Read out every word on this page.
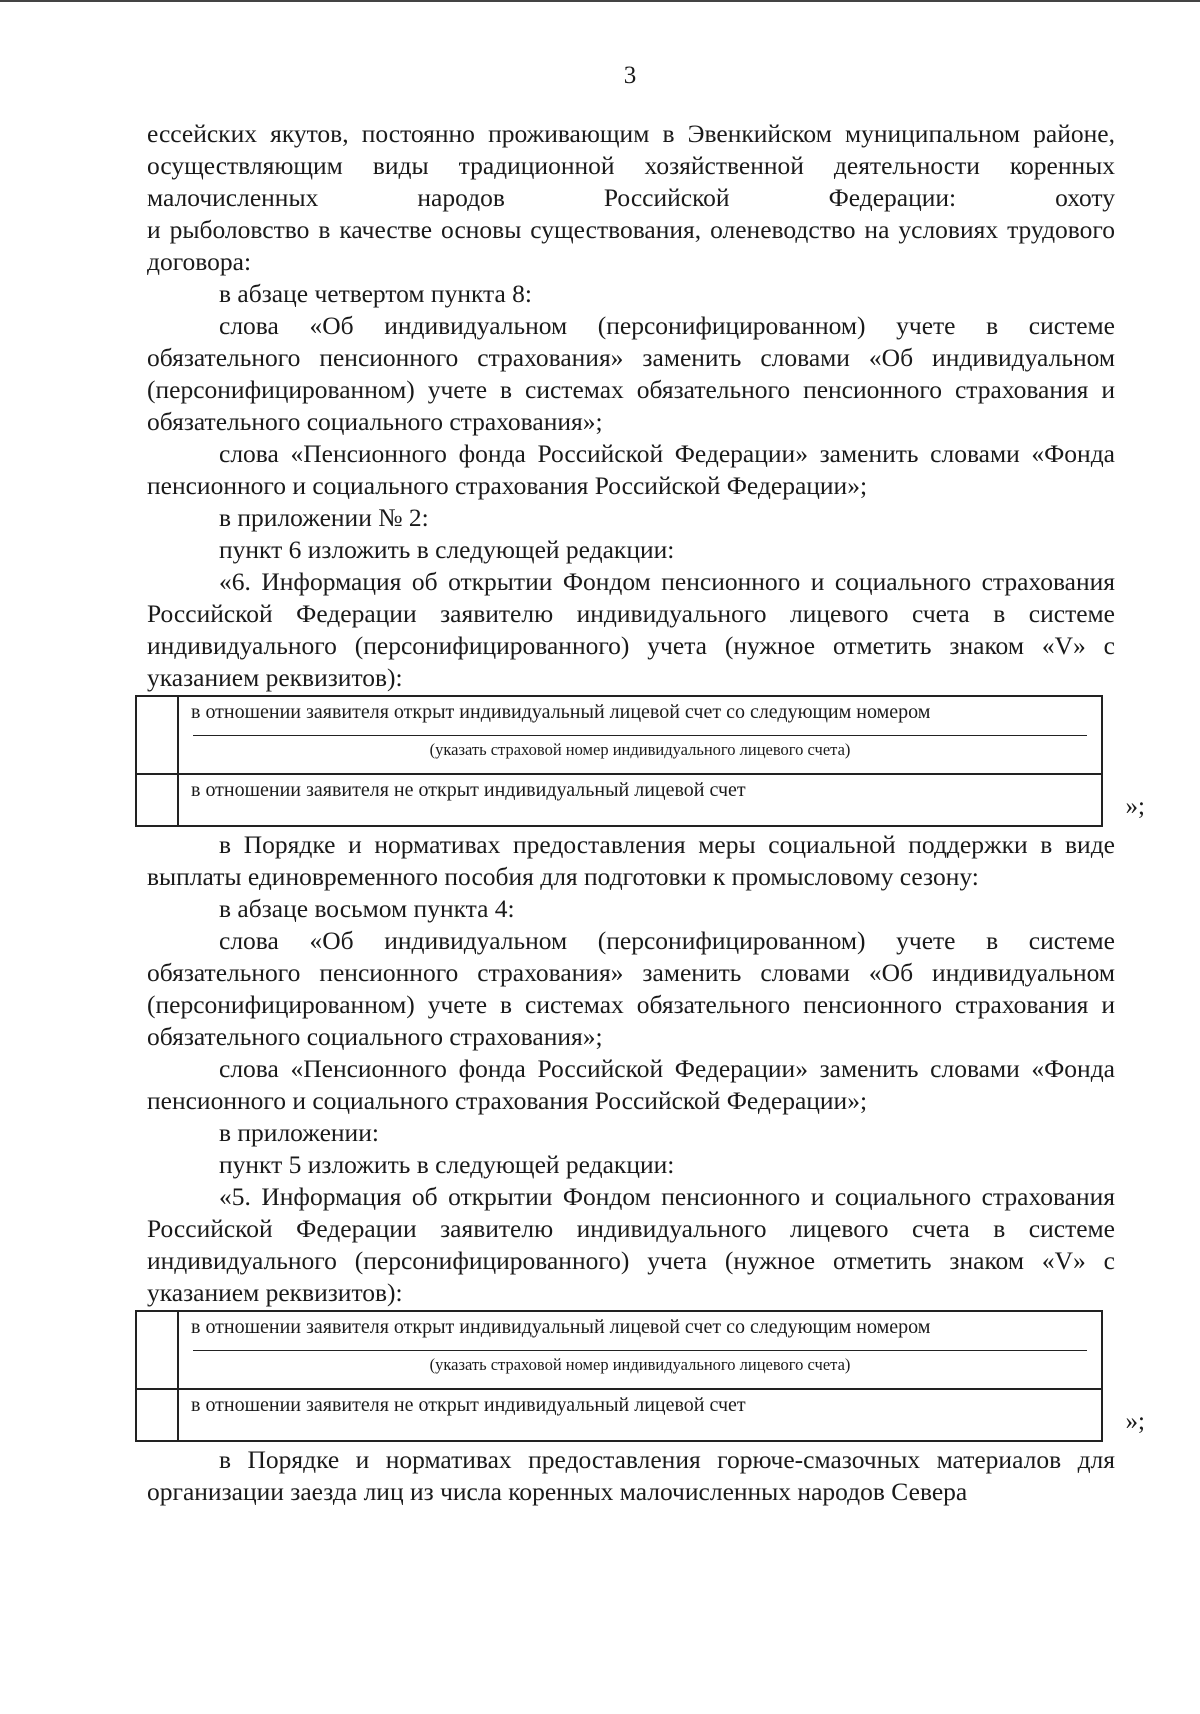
3

ессейских якутов, постоянно проживающим в Эвенкийском муниципальном районе, осуществляющим виды традиционной хозяйственной деятельности коренных малочисленных народов Российской Федерации: охоту

и рыболовство в качестве основы существования, оленеводство на условиях трудового договора:

в абзаце четвертом пункта 8:

слова «Об индивидуальном (персонифицированном) учете в системе обязательного пенсионного страхования» заменить словами «Об индивидуальном (персонифицированном) учете в системах обязательного пенсионного страхования и обязательного социального страхования»;

слова «Пенсионного фонда Российской Федерации» заменить словами «Фонда пенсионного и социального страхования Российской Федерации»;

в приложении № 2:

пункт 6 изложить в следующей редакции:

«6. Информация об открытии Фондом пенсионного и социального страхования Российской Федерации заявителю индивидуального лицевого счета в системе индивидуального (персонифицированного) учета (нужное отметить знаком «V» с указанием реквизитов):

	в отношении заявителя открыт индивидуальный лицевой счет со следующим номером
(указать страховой номер индивидуального лицевого счета)

	в отношении заявителя не открыт индивидуальный лицевой счет
»;

в Порядке и нормативах предоставления меры социальной поддержки в виде выплаты единовременного пособия для подготовки к промысловому сезону:

в абзаце восьмом пункта 4:

слова «Об индивидуальном (персонифицированном) учете в системе обязательного пенсионного страхования» заменить словами «Об индивидуальном (персонифицированном) учете в системах обязательного пенсионного страхования и обязательного социального страхования»;

слова «Пенсионного фонда Российской Федерации» заменить словами «Фонда пенсионного и социального страхования Российской Федерации»;

в приложении:

пункт 5 изложить в следующей редакции:

«5. Информация об открытии Фондом пенсионного и социального страхования Российской Федерации заявителю индивидуального лицевого счета в системе индивидуального (персонифицированного) учета (нужное отметить знаком «V» с указанием реквизитов):

	в отношении заявителя открыт индивидуальный лицевой счет со следующим номером
(указать страховой номер индивидуального лицевого счета)

	в отношении заявителя не открыт индивидуальный лицевой счет
»;

в Порядке и нормативах предоставления горюче-смазочных материалов для организации заезда лиц из числа коренных малочисленных народов Севера
